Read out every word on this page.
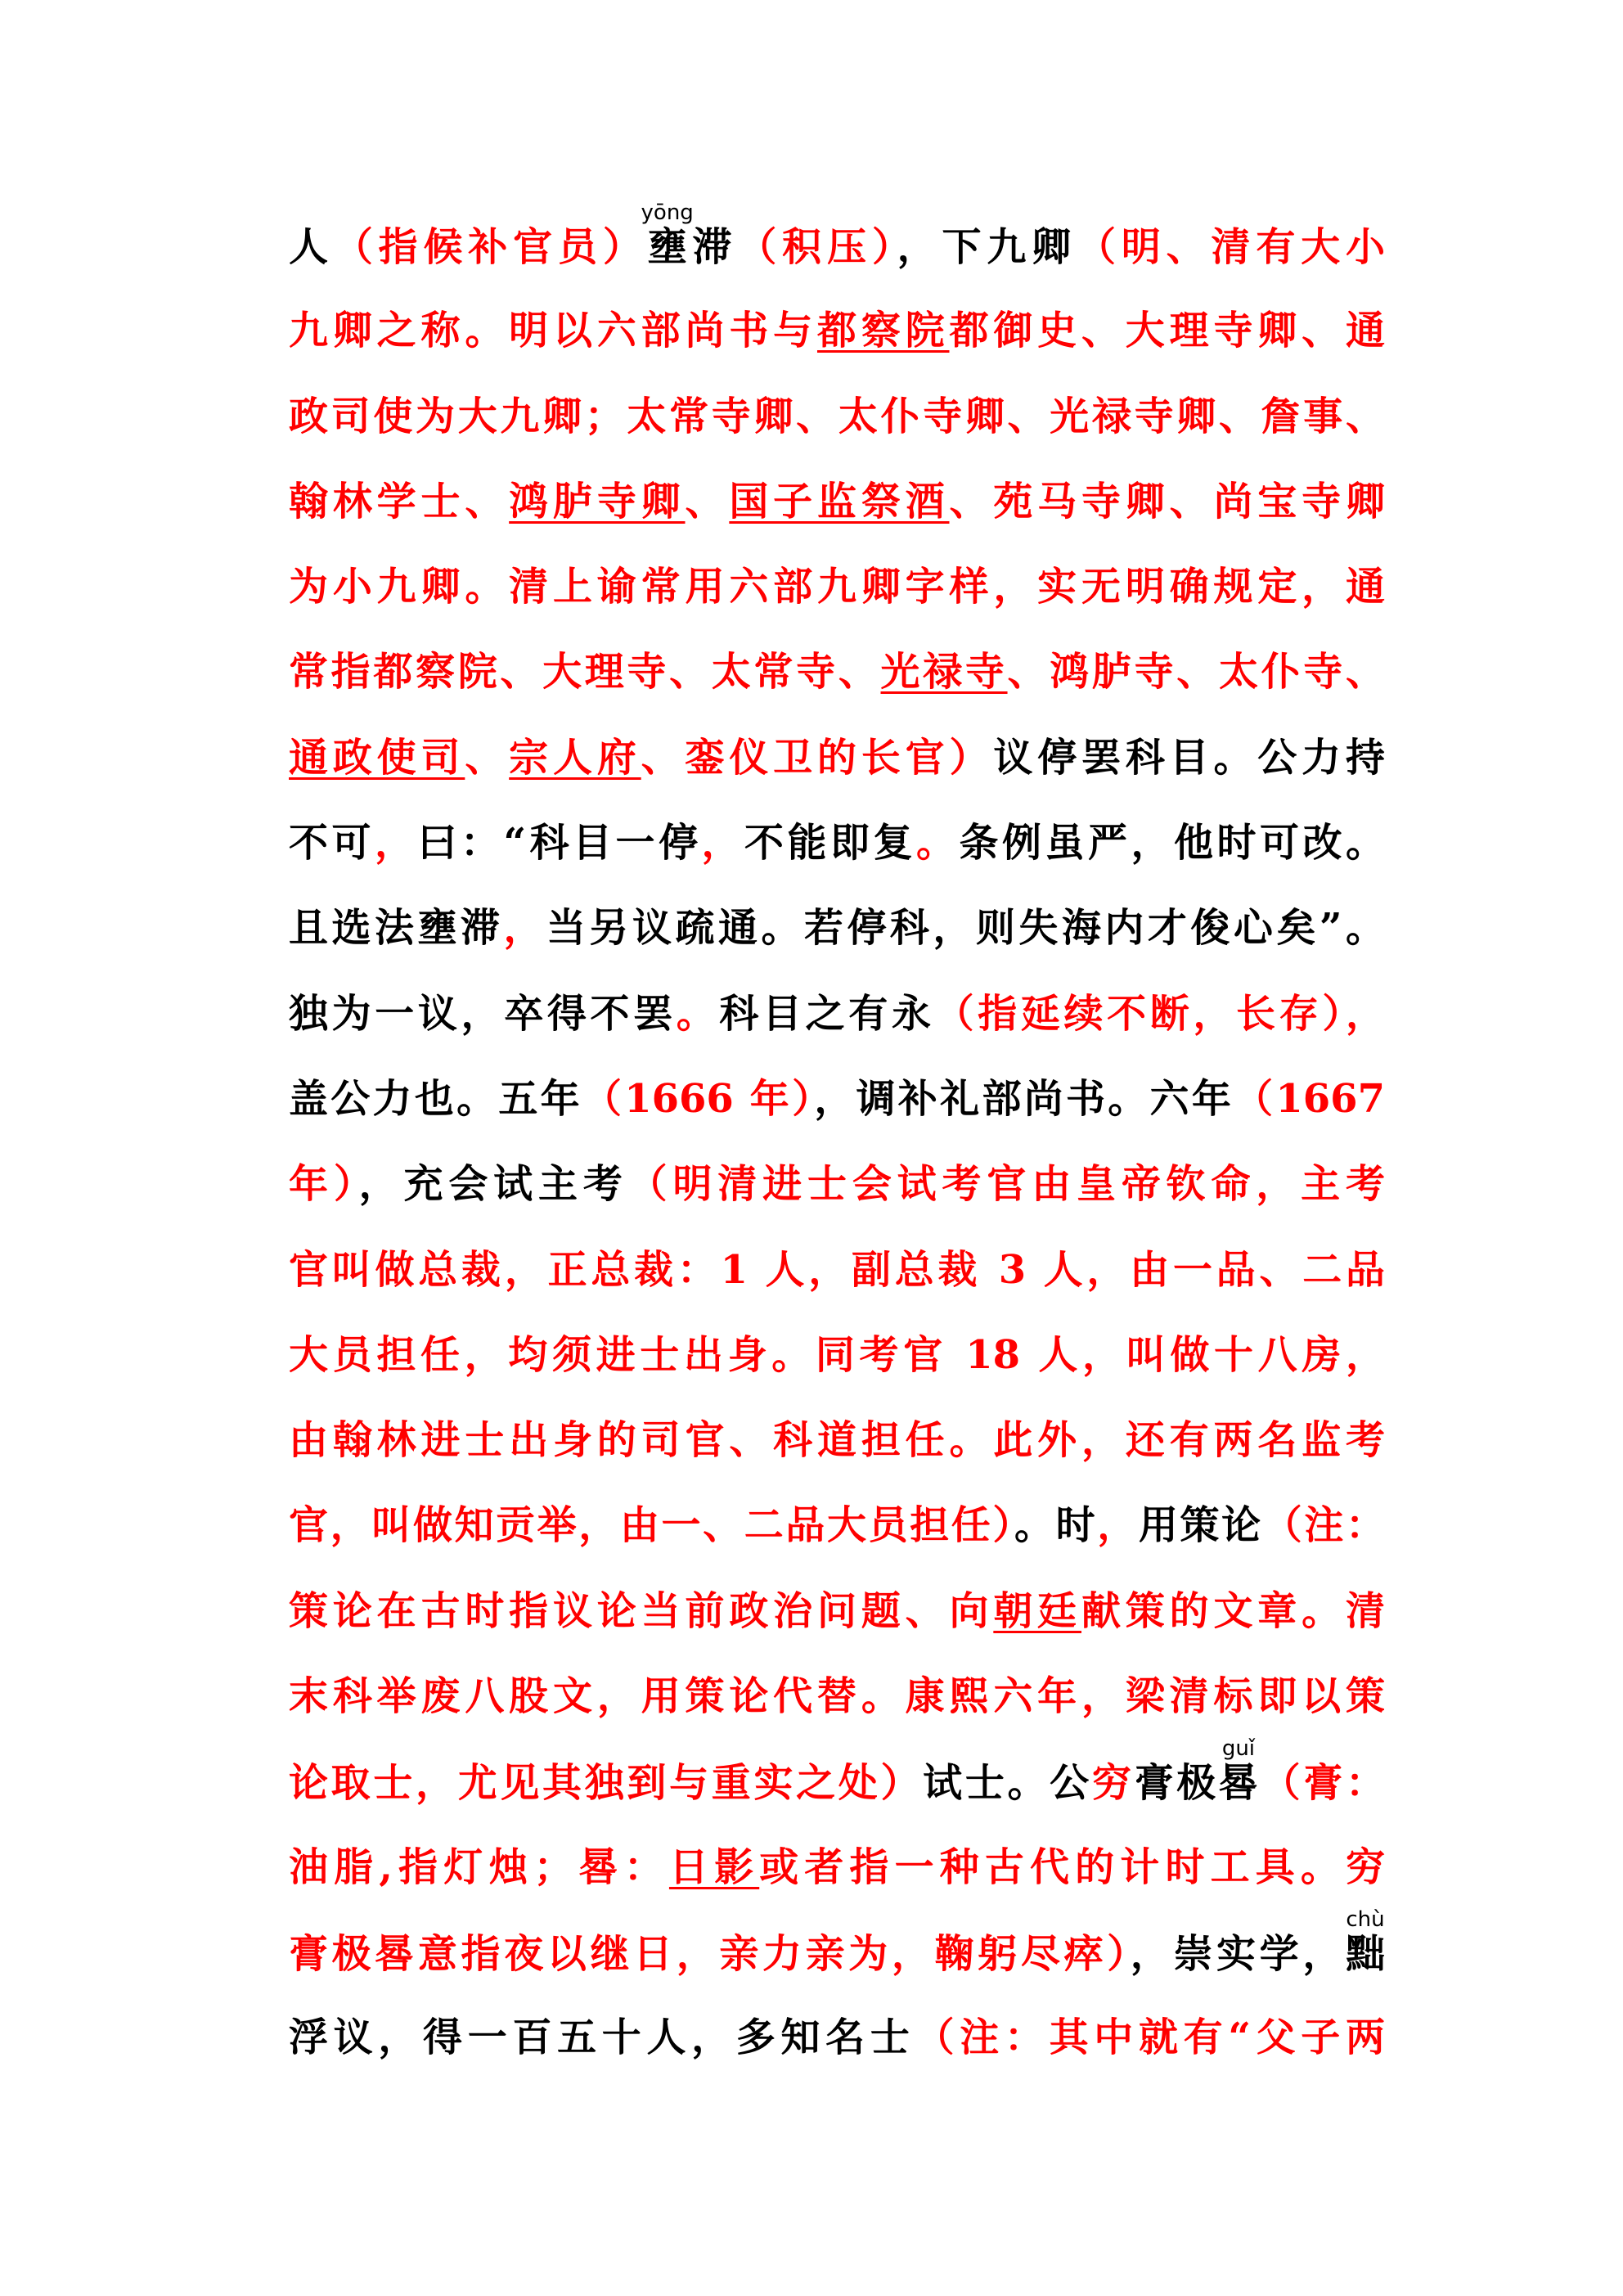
人（指候补官员）壅yōng滞（积压），下九卿（明、清有大小
九卿之称。明以六部尚书与都察院都御史、大理寺卿、通
政司使为大九卿；太常寺卿、太仆寺卿、光禄寺卿、詹事、
翰林学士、鸿胪寺卿、国子监祭酒、苑马寺卿、尚宝寺卿
为小九卿。清上谕常用六部九卿字样，实无明确规定，通
常指都察院、大理寺、太常寺、光禄寺、鸿胪寺、太仆寺、
通政使司、宗人府、銮仪卫的长官）议停罢科目。公力持
不可，曰：“科目一停，不能即复。条例虽严，他时可改。
且选法壅滞，当另议疏通。若停科，则失海内才俊心矣”。
独为一议，卒得不罢。科目之有永（指延续不断，长存），
盖公力也。五年（1666 年），调补礼部尚书。六年（1667
年），充会试主考（明清进士会试考官由皇帝钦命，主考
官叫做总裁，正总裁：1 人，副总裁 3 人，由一品、二品
大员担任，均须进士出身。同考官 18 人，叫做十八房，
由翰林进士出身的司官、科道担任。此外，还有两名监考
官，叫做知贡举，由一、二品大员担任）。时，用策论（注：
策论在古时指议论当前政治问题、向朝廷献策的文章。清
末科举废八股文，用策论代替。康熙六年，梁清标即以策
论取士，尤见其独到与重实之处）试士。公穷膏极晷guǐ（膏：
油脂,指灯烛；晷：日影或者指一种古代的计时工具。穷
膏极晷意指夜以继日，亲力亲为，鞠躬尽瘁），崇实学，黜chù
浮议，得一百五十人，多知名士（注：其中就有“父子两
